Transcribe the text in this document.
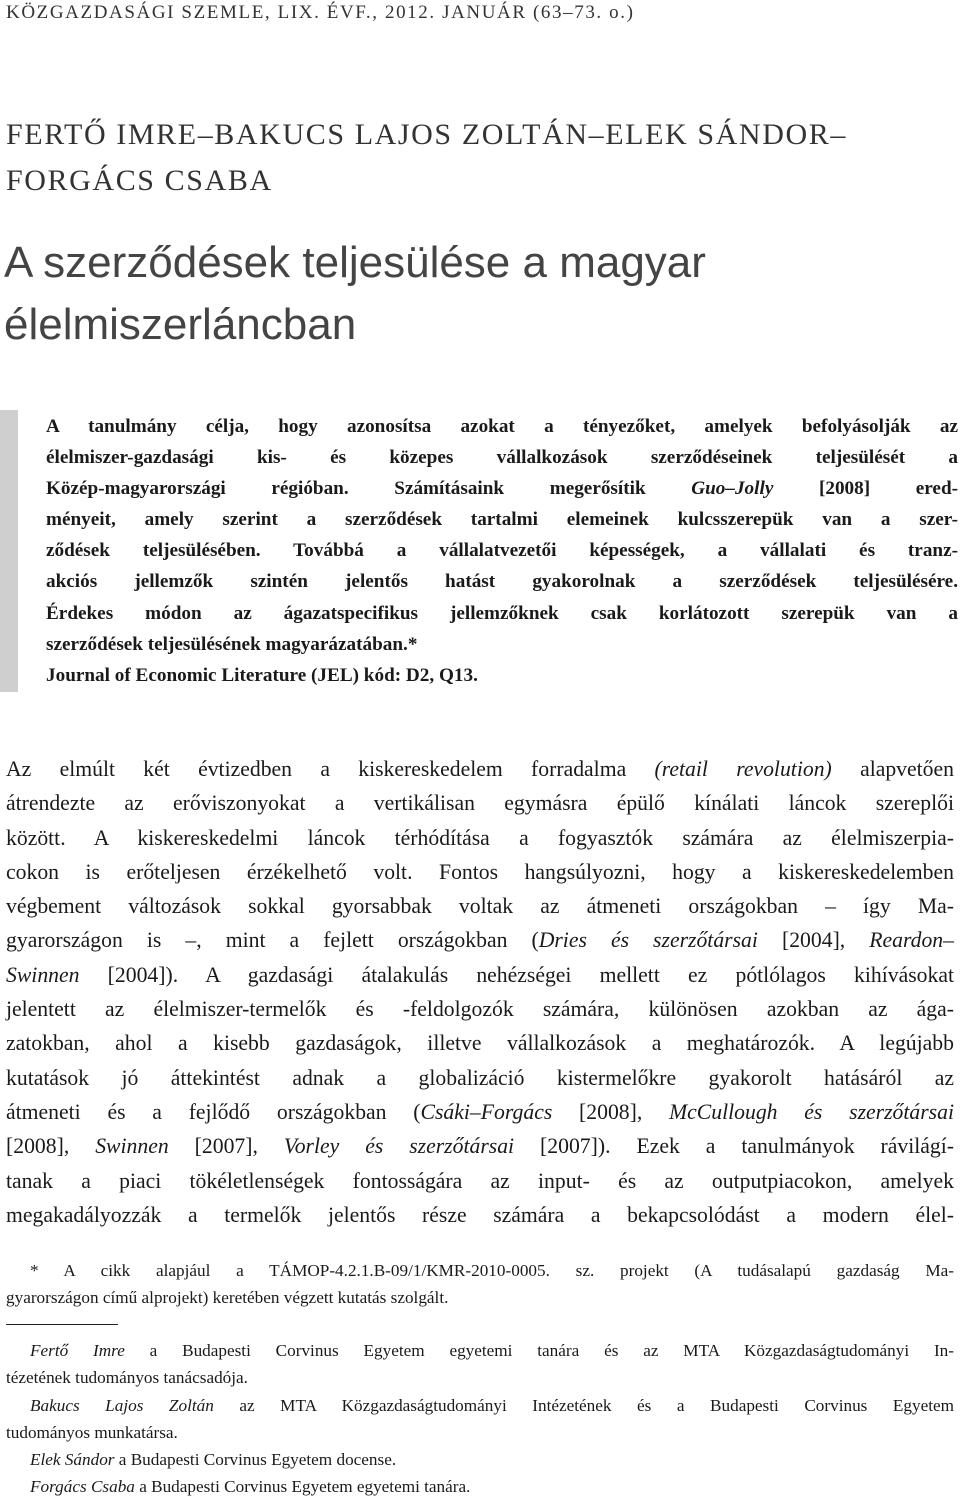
KÖZGAZDASÁGI SZEMLE, LIX. ÉVF., 2012. JANUÁR (63–73. o.)
FERTŐ IMRE–BAKUCS LAJOS ZOLTÁN–ELEK SÁNDOR–
FORGÁCS CSABA
A szerződések teljesülése a magyar
élelmiszerláncban
A tanulmány célja, hogy azonosítsa azokat a tényezőket, amelyek befolyásolják az
élelmiszer-gazdasági kis- és közepes vállalkozások szerződéseinek teljesülését a
Közép-magyarországi régióban. Számításaink megerősítik Guo–Jolly [2008] ered-
ményeit, amely szerint a szerződések tartalmi elemeinek kulcsszerepük van a szer-
ződések teljesülésében. Továbbá a vállalatvezetői képességek, a vállalati és tranz-
akciós jellemzők szintén jelentős hatást gyakorolnak a szerződések teljesülésére.
Érdekes módon az ágazatspecifikus jellemzőknek csak korlátozott szerepük van a
szerződések teljesülésének magyarázatában.*
Journal of Economic Literature (JEL) kód: D2, Q13.
Az elmúlt két évtizedben a kiskereskedelem forradalma (retail revolution) alapvetően
átrendezte az erőviszonyokat a vertikálisan egymásra épülő kínálati láncok szereplői
között. A kiskereskedelmi láncok térhódítása a fogyasztók számára az élelmiszerpia-
cokon is erőteljesen érzékelhető volt. Fontos hangsúlyozni, hogy a kiskereskedelemben
végbement változások sokkal gyorsabbak voltak az átmeneti országokban – így Ma-
gyarországon is –, mint a fejlett országokban (Dries és szerzőtársai [2004], Reardon–
Swinnen [2004]). A gazdasági átalakulás nehézségei mellett ez pótlólagos kihívásokat
jelentett az élelmiszer-termelők és -feldolgozók számára, különösen azokban az ága-
zatokban, ahol a kisebb gazdaságok, illetve vállalkozások a meghatározók. A legújabb
kutatások jó áttekintést adnak a globalizáció kistermelőkre gyakorolt hatásáról az
átmeneti és a fejlődő országokban (Csáki–Forgács [2008], McCullough és szerzőtársai
[2008], Swinnen [2007], Vorley és szerzőtársai [2007]). Ezek a tanulmányok rávilágí-
tanak a piaci tökéletlenségek fontosságára az input- és az outputpiacokon, amelyek
megakadályozzák a termelők jelentős része számára a bekapcsolódást a modern élel-
* A cikk alapjául a TÁMOP-4.2.1.B-09/1/KMR-2010-0005. sz. projekt (A tudásalapú gazdaság Ma-
gyarországon című alprojekt) keretében végzett kutatás szolgált.
Fertő Imre a Budapesti Corvinus Egyetem egyetemi tanára és az MTA Közgazdaságtudományi In-
tézetének tudományos tanácsadója.
Bakucs Lajos Zoltán az MTA Közgazdaságtudományi Intézetének és a Budapesti Corvinus Egyetem
tudományos munkatársa.
Elek Sándor a Budapesti Corvinus Egyetem docense.
Forgács Csaba a Budapesti Corvinus Egyetem egyetemi tanára.
